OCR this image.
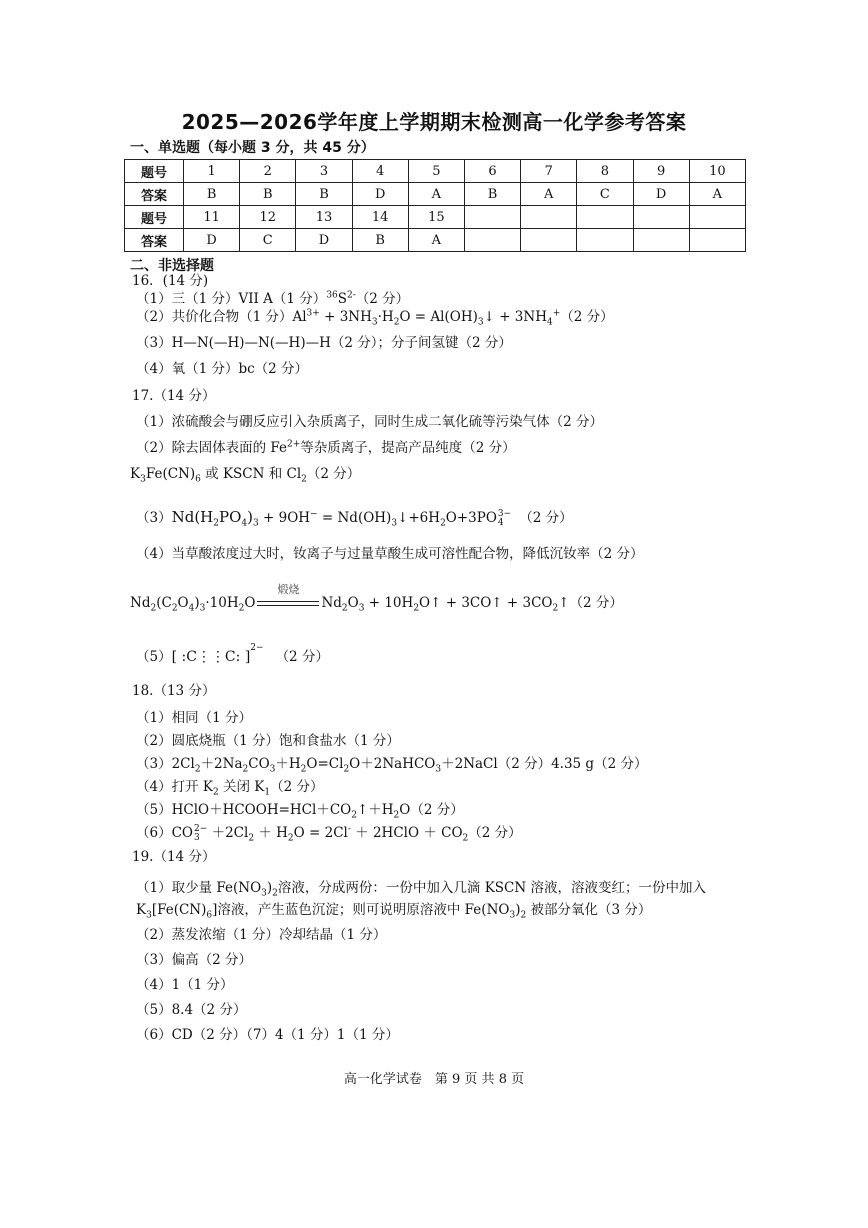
2025—2026学年度上学期期末检测高一化学参考答案
一、单选题（每小题 3 分，共 45 分）
题号	1	2	3	4	5	6	7	8	9	10
答案	B	B	B	D	A	B	A	C	D	A
题号	11	12	13	14	15					
答案	D	C	D	B	A					
二、非选择题
16．(14 分)
（1）三（1 分）VII A（1 分）$^{36}S^{2-}(2$ 分）
（2）共价化合物（1 分）$Al^{3+} + 3NH_3\cdot H_2O$ = $Al(OH)_3↓ + 3NH_4^+(2$ 分）
（3）H—N(—H)—N(—H)—H（2 分）；分子间氢键（2 分）
（4）氧（1 分）bc（2 分）
17.（14 分）
（1）浓硫酸会与硼反应引入杂质离子，同时生成二氧化硫等污染气体（2 分）
（2）除去固体表面的 $Fe^{2+}$等杂质离子，提高产品纯度（2 分）
$K_3Fe(CN)_6$ 或 KSCN 和 $Cl_2(2$ 分）
$(3)Nd(H_2PO_4)_3 + 9OH^-$ = $Nd(OH)_3↓+6H_2O+3PO3-$
4 （2 分）
（4）当草酸浓度过大时，钕离子与过量草酸生成可溶性配合物，降低沉钕率（2 分）
$Nd_2(C_2O_4)_3\cdot 10H_2O$
煅烧
$Nd_2O_3$ + $10H_2O↑$ + 3CO↑ + $3CO_2↑(2$ 分）
（5）[ :C⋮⋮C: ]$^{2-}$（2 分）
18.（13 分）
（1）相同（1 分）
（2）圆底烧瓶（1 分）饱和食盐水（1 分）
$(3)2Cl_2+2Na_2CO_3+H_2O=Cl_2O+2NaHCO_3+2NaCl(2$ 分）4.35 g（2 分）
（4）打开 $K_2$ 关闭 $K_1(2$ 分）
$(5)HClO+HCOOH=HCl+CO_2↑+H_2O(2$ 分）
（6）CO2−
$3 +2Cl_2 + H_2O = 2Cl^-$ ＋ 2HClO ＋ $CO_2(2$ 分）
19.（14 分）
（1）取少量 $Fe(NO_3)_2$溶液，分成两份：一份中加入几滴 KSCN 溶液，溶液变红；一份中加入 $K_3[Fe(CN)_6]$溶液，产生蓝色沉淀；则可说明原溶液中 $Fe(NO_3)_2$ 被部分氧化（3 分）
（2）蒸发浓缩（1 分）冷却结晶（1 分）
（3）偏高（2 分）
（4）1（1 分）
（5）8.4（2 分）
（6）CD（2 分）（7）4（1 分）1（1 分）
高一化学试卷　第 9 页 共 8 页
